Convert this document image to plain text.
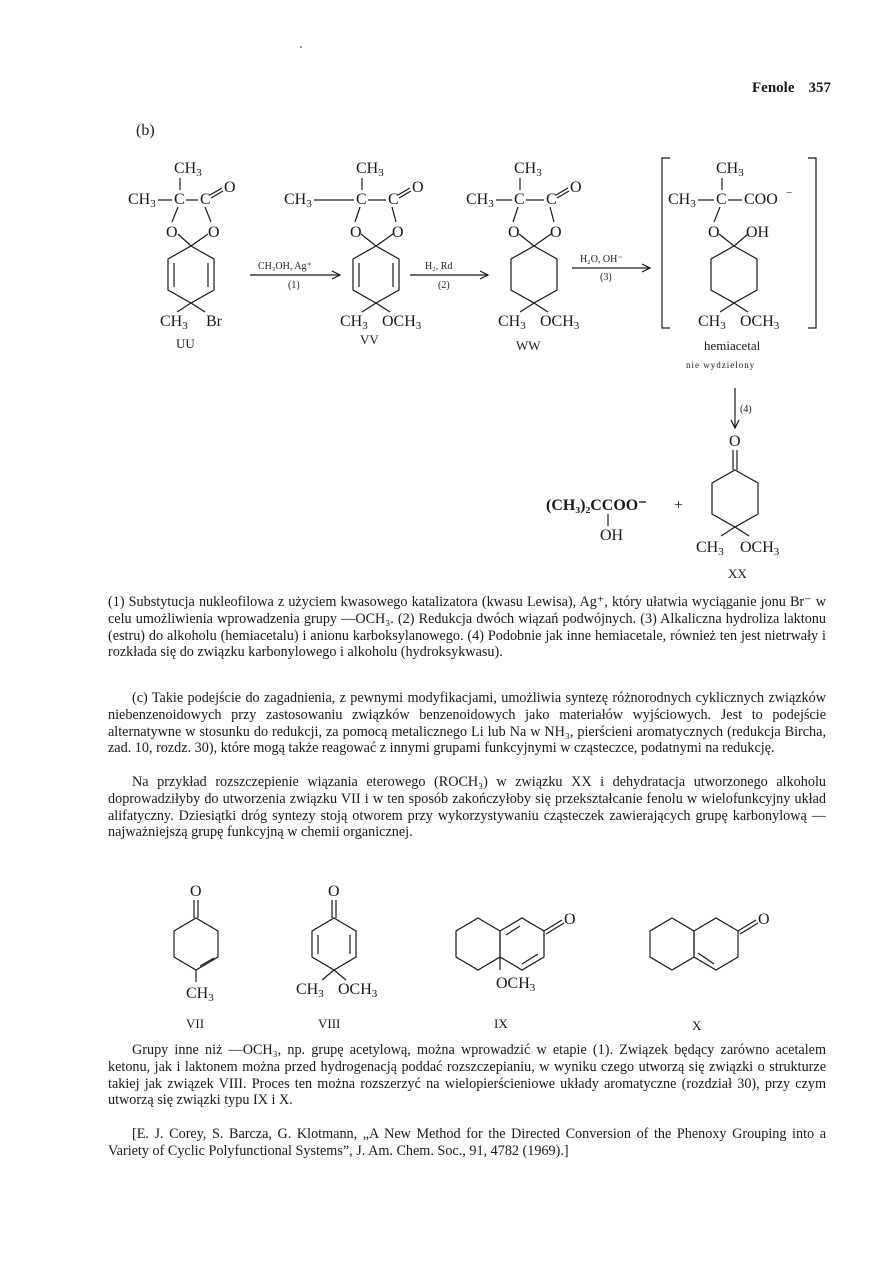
Fenole 357
(b)
CH3
CH3 C C
O
O O
CH3 Br
UU
CH₃OH, Ag⁺
(1)
CH3
CH3	C C
O
O O
CH3 OCH3
VV
H₂, Rd
(2)
CH3
CH3 C C
O
O O
CH3 OCH3
WW
H₂O, OH⁻
(3)
CH3
CH3 C COO −
O OH
CH3 OCH3
hemiacetal
nie wydzielony
(4)
(CH₃)₂CCOO⁻
OH
+
O
CH3 OCH3
XX

(1) Substytucja nukleofilowa z użyciem kwasowego katalizatora (kwasu Lewisa), Ag⁺, który ułatwia wyciąganie jonu Br⁻ w celu umożliwienia wprowadzenia grupy —OCH₃. (2) Redukcja dwóch wiązań podwójnych. (3) Alkaliczna hydroliza laktonu (estru) do alkoholu (hemiacetalu) i anionu karboksylanowego. (4) Podobnie jak inne hemiacetale, również ten jest nietrwały i rozkłada się do związku karbonylowego i alkoholu (hydroksykwasu).

(c) Takie podejście do zagadnienia, z pewnymi modyfikacjami, umożliwia syntezę różnorodnych cyklicznych związków niebenzenoidowych przy zastosowaniu związków benzenoidowych jako materiałów wyjściowych. Jest to podejście alternatywne w stosunku do redukcji, za pomocą metalicznego Li lub Na w NH₃, pierścieni aromatycznych (redukcja Bircha, zad. 10, rozdz. 30), które mogą także reagować z innymi grupami funkcyjnymi w cząsteczce, podatnymi na redukcję.

Na przykład rozszczepienie wiązania eterowego (ROCH₃) w związku XX i dehydratacja utworzonego alkoholu doprowadziłyby do utworzenia związku VII i w ten sposób zakończyłoby się przekształcanie fenolu w wielofunkcyjny układ alifatyczny. Dziesiątki dróg syntezy stoją otworem przy wykorzystywaniu cząsteczek zawierających grupę karbonylową — najważniejszą grupę funkcyjną w chemii organicznej.

O
CH3
VII
O
CH3 OCH3
VIII
O
OCH3
IX
O
X

Grupy inne niż —OCH₃, np. grupę acetylową, można wprowadzić w etapie (1). Związek będący zarówno acetalem ketonu, jak i laktonem można przed hydrogenacją poddać rozszczepianiu, w wyniku czego utworzą się związki o strukturze takiej jak związek VIII. Proces ten można rozszerzyć na wielopierścieniowe układy aromatyczne (rozdział 30), przy czym utworzą się związki typu IX i X.

[E. J. Corey, S. Barcza, G. Klotmann, „A New Method for the Directed Conversion of the Phenoxy Grouping into a Variety of Cyclic Polyfunctional Systems”, J. Am. Chem. Soc., 91, 4782 (1969).]
